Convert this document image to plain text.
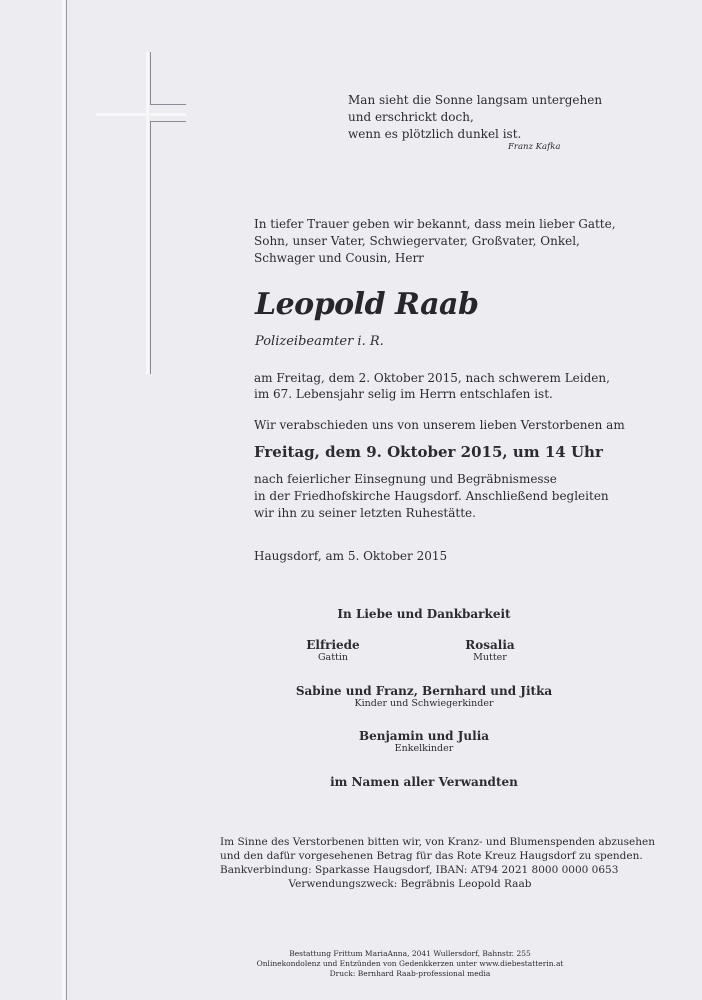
Man sieht die Sonne langsam untergehen
und erschrickt doch,
wenn es plötzlich dunkel ist.
Franz Kafka
In tiefer Trauer geben wir bekannt, dass mein lieber Gatte,
Sohn, unser Vater, Schwiegervater, Großvater, Onkel,
Schwager und Cousin, Herr
Leopold Raab
Polizeibeamter i. R.
am Freitag, dem 2. Oktober 2015, nach schwerem Leiden,
im 67. Lebensjahr selig im Herrn entschlafen ist.
Wir verabschieden uns von unserem lieben Verstorbenen am
Freitag, dem 9. Oktober 2015, um 14 Uhr
nach feierlicher Einsegnung und Begräbnismesse
in der Friedhofskirche Haugsdorf. Anschließend begleiten
wir ihn zu seiner letzten Ruhestätte.
Haugsdorf, am 5. Oktober 2015
In Liebe und Dankbarkeit
Elfriede
Gattin
Rosalia
Mutter
Sabine und Franz, Bernhard und Jitka
Kinder und Schwiegerkinder
Benjamin und Julia
Enkelkinder
im Namen aller Verwandten
Im Sinne des Verstorbenen bitten wir, von Kranz- und Blumenspenden abzusehen
und den dafür vorgesehenen Betrag für das Rote Kreuz Haugsdorf zu spenden.
Bankverbindung: Sparkasse Haugsdorf, IBAN: AT94 2021 8000 0000 0653
Verwendungszweck: Begräbnis Leopold Raab
Bestattung Frittum MariaAnna, 2041 Wullersdorf, Bahnstr. 255
Onlinekondolenz und Entzünden von Gedenkkerzen unter www.diebestatterin.at
Druck: Bernhard Raab-professional media
